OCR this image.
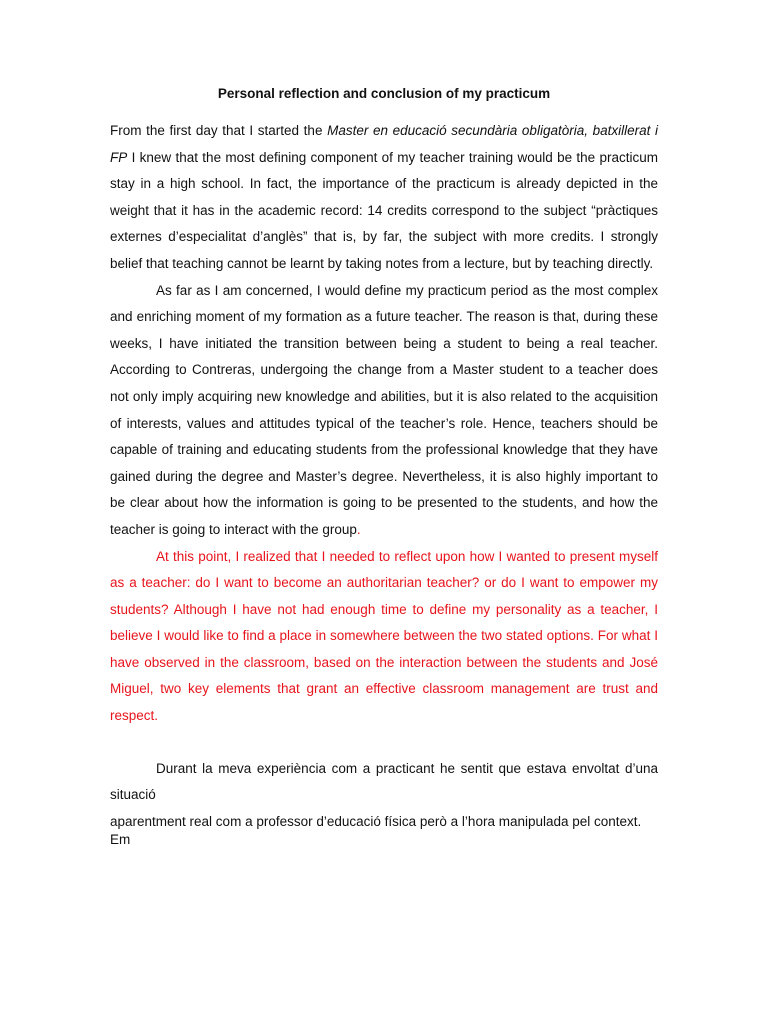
Personal reflection and conclusion of my practicum

From the first day that I started the Master en educació secundària obligatòria, batxillerat i FP I knew that the most defining component of my teacher training would be the practicum stay in a high school. In fact, the importance of the practicum is already depicted in the weight that it has in the academic record: 14 credits correspond to the subject “pràctiques externes d’especialitat d’anglès” that is, by far, the subject with more credits. I strongly belief that teaching cannot be learnt by taking notes from a lecture, but by teaching directly.

As far as I am concerned, I would define my practicum period as the most complex and enriching moment of my formation as a future teacher. The reason is that, during these weeks, I have initiated the transition between being a student to being a real teacher. According to Contreras, undergoing the change from a Master student to a teacher does not only imply acquiring new knowledge and abilities, but it is also related to the acquisition of interests, values and attitudes typical of the teacher’s role. Hence, teachers should be capable of training and educating students from the professional knowledge that they have gained during the degree and Master’s degree. Nevertheless, it is also highly important to be clear about how the information is going to be presented to the students, and how the teacher is going to interact with the group.

At this point, I realized that I needed to reflect upon how I wanted to present myself as a teacher: do I want to become an authoritarian teacher? or do I want to empower my students? Although I have not had enough time to define my personality as a teacher, I believe I would like to find a place in somewhere between the two stated options. For what I have observed in the classroom, based on the interaction between the students and José Miguel, two key elements that grant an effective classroom management are trust and respect.

Durant la meva experiència com a practicant he sentit que estava envoltat d’una situació

aparentment real com a professor d’educació física però a l’hora manipulada pel context. Em
